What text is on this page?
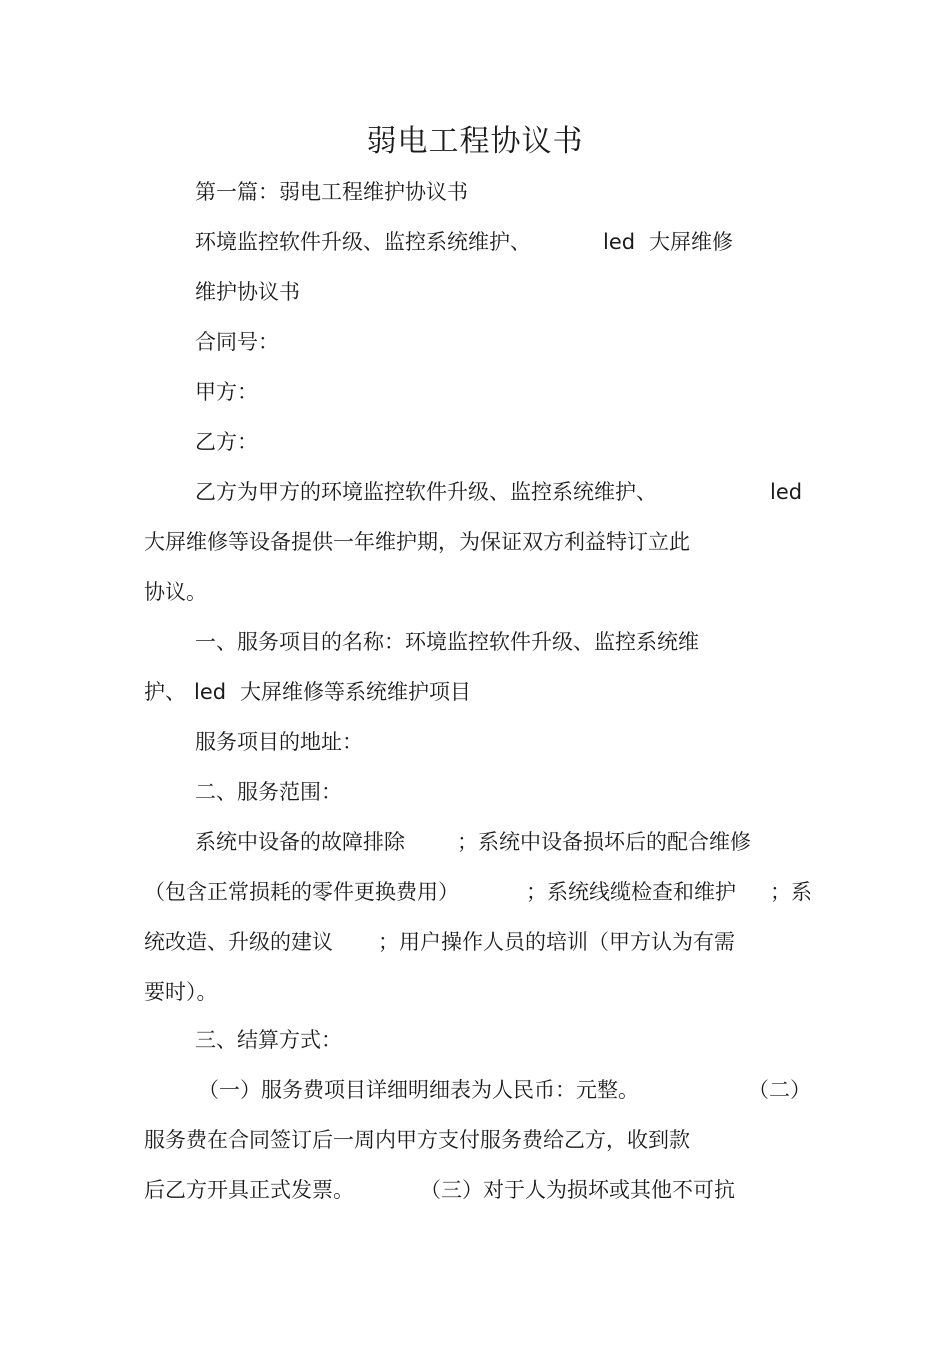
弱电工程协议书
第一篇：弱电工程维护协议书
环境监控软件升级、监控系统维护、	led 大屏维修
维护协议书
合同号：
甲方：
乙方：
乙方为甲方的环境监控软件升级、监控系统维护、	led
大屏维修等设备提供一年维护期，为保证双方利益特订立此
协议。
一、服务项目的名称：环境监控软件升级、监控系统维
护、 led 大屏维修等系统维护项目
服务项目的地址：
二、服务范围：
系统中设备的故障排除 ；系统中设备损坏后的配合维修
（包含正常损耗的零件更换费用）	；系统线缆检查和维护 ；系
统改造、升级的建议 ；用户操作人员的培训（甲方认为有需
要时）。
三、结算方式：
（一）服务费项目详细明细表为人民币：元整。	（二）
服务费在合同签订后一周内甲方支付服务费给乙方，收到款
后乙方开具正式发票。	（三）对于人为损坏或其他不可抗
